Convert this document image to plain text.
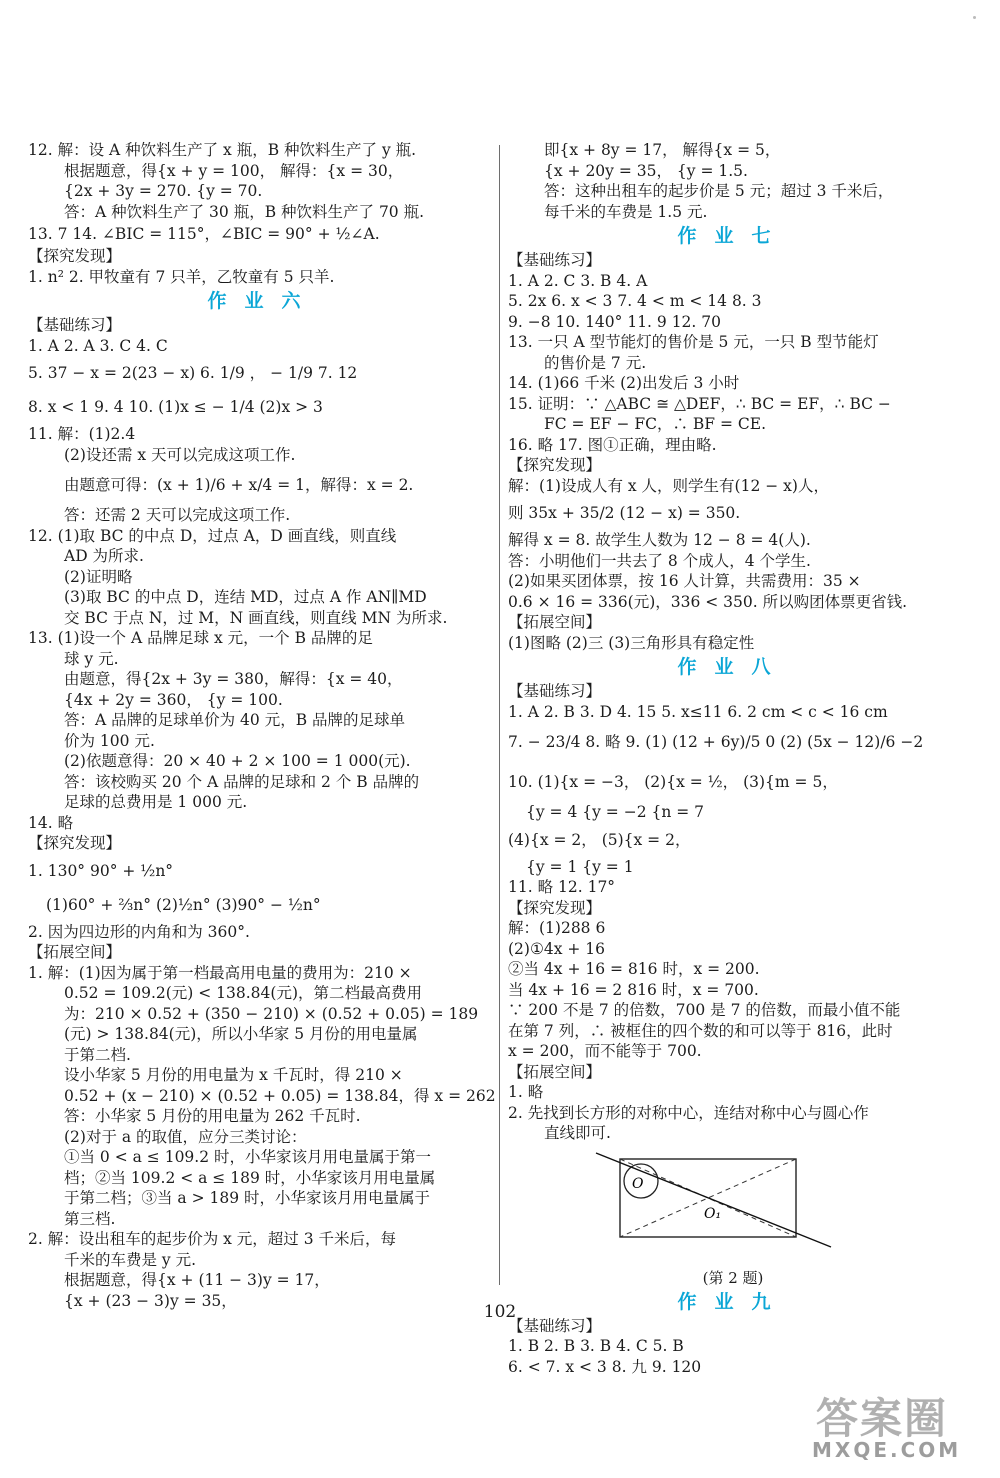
12. 解：设 A 种饮料生产了 x 瓶，B 种饮料生产了 y 瓶.
根据题意，得{x + y = 100， 解得：{x = 30，
{2x + 3y = 270. {y = 70.
答：A 种饮料生产了 30 瓶，B 种饮料生产了 70 瓶.
13. 7 14. ∠BIC = 115°，∠BIC = 90° + ½∠A.
【探究发现】
1. n² 2. 甲牧童有 7 只羊，乙牧童有 5 只羊.
作业六
【基础练习】
1. A 2. A 3. C 4. C
5. 37 − x = 2(23 − x) 6. 1/9 ， − 1/9 7. 12
8. x < 1 9. 4 10. (1)x ≤ − 1/4 (2)x > 3
11. 解：(1)2.4
(2)设还需 x 天可以完成这项工作.
由题意可得：(x + 1)/6 + x/4 = 1，解得：x = 2.
答：还需 2 天可以完成这项工作.
12. (1)取 BC 的中点 D，过点 A，D 画直线，则直线
AD 为所求.
(2)证明略
(3)取 BC 的中点 D，连结 MD，过点 A 作 AN∥MD
交 BC 于点 N，过 M，N 画直线，则直线 MN 为所求.
13. (1)设一个 A 品牌足球 x 元，一个 B 品牌的足
球 y 元.
由题意，得{2x + 3y = 380，解得：{x = 40，
{4x + 2y = 360， {y = 100.
答：A 品牌的足球单价为 40 元，B 品牌的足球单
价为 100 元.
(2)依题意得：20 × 40 + 2 × 100 = 1 000(元).
答：该校购买 20 个 A 品牌的足球和 2 个 B 品牌的
足球的总费用是 1 000 元.
14. 略
【探究发现】
1. 130° 90° + ½n°
(1)60° + ⅔n° (2)½n° (3)90° − ½n°
2. 因为四边形的内角和为 360°.
【拓展空间】
1. 解：(1)因为属于第一档最高用电量的费用为：210 ×
0.52 = 109.2(元) < 138.84(元)，第二档最高费用
为：210 × 0.52 + (350 − 210) × (0.52 + 0.05) = 189
(元) > 138.84(元)，所以小华家 5 月份的用电量属
于第二档.
设小华家 5 月份的用电量为 x 千瓦时，得 210 ×
0.52 + (x − 210) × (0.52 + 0.05) = 138.84，得 x = 262
答：小华家 5 月份的用电量为 262 千瓦时.
(2)对于 a 的取值，应分三类讨论：
①当 0 < a ≤ 109.2 时，小华家该月用电量属于第一
档；②当 109.2 < a ≤ 189 时，小华家该月用电量属
于第二档；③当 a > 189 时，小华家该月用电量属于
第三档.
2. 解：设出租车的起步价为 x 元，超过 3 千米后，每
千米的车费是 y 元.
根据题意，得{x + (11 − 3)y = 17，
{x + (23 − 3)y = 35，
即{x + 8y = 17， 解得{x = 5，
{x + 20y = 35， {y = 1.5.
答：这种出租车的起步价是 5 元；超过 3 千米后，
每千米的车费是 1.5 元.
作业七
【基础练习】
1. A 2. C 3. B 4. A
5. 2x 6. x < 3 7. 4 < m < 14 8. 3
9. −8 10. 140° 11. 9 12. 70
13. 一只 A 型节能灯的售价是 5 元，一只 B 型节能灯
的售价是 7 元.
14. (1)66 千米 (2)出发后 3 小时
15. 证明：∵ △ABC ≅ △DEF，∴ BC = EF，∴ BC −
FC = EF − FC，∴ BF = CE.
16. 略 17. 图①正确，理由略.
【探究发现】
解：(1)设成人有 x 人，则学生有(12 − x)人，
则 35x + 35/2 (12 − x) = 350.
解得 x = 8. 故学生人数为 12 − 8 = 4(人).
答：小明他们一共去了 8 个成人，4 个学生.
(2)如果买团体票，按 16 人计算，共需费用：35 ×
0.6 × 16 = 336(元)，336 < 350. 所以购团体票更省钱.
【拓展空间】
(1)图略 (2)三 (3)三角形具有稳定性
作业八
【基础练习】
1. A 2. B 3. D 4. 15 5. x≤11 6. 2 cm < c < 16 cm
7. − 23/4 8. 略 9. (1) (12 + 6y)/5 0 (2) (5x − 12)/6 −2
10. (1){x = −3， (2){x = ½， (3){m = 5，
{y = 4 {y = −2 {n = 7
(4){x = 2， (5){x = 2，
{y = 1 {y = 1
11. 略 12. 17°
【探究发现】
解：(1)288 6
(2)①4x + 16
②当 4x + 16 = 816 时，x = 200.
当 4x + 16 = 2 816 时，x = 700.
∵ 200 不是 7 的倍数，700 是 7 的倍数，而最小值不能
在第 7 列，∴ 被框住的四个数的和可以等于 816，此时
x = 200，而不能等于 700.
【拓展空间】
1. 略
2. 先找到长方形的对称中心，连结对称中心与圆心作
直线即可.
O
O₁
(第 2 题)
作业九
【基础练习】
1. B 2. B 3. B 4. C 5. B
6. < 7. x < 3 8. 九 9. 120
102
答案圈
MXQE.COM
